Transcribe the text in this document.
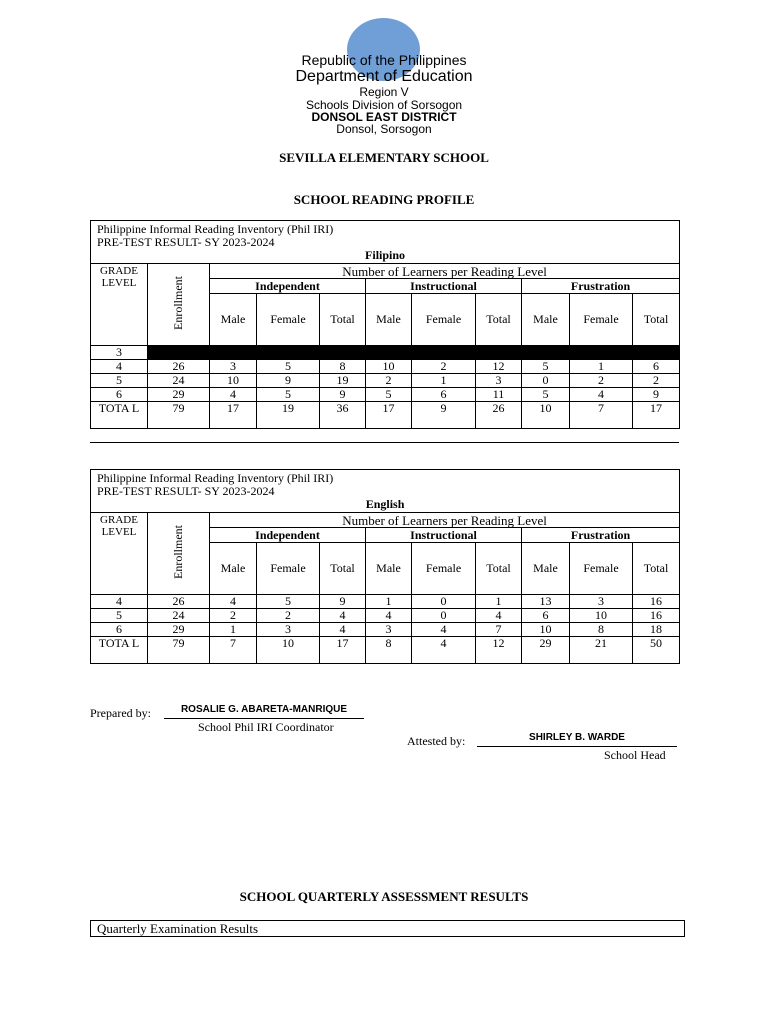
Republic of the Philippines
Department of Education
Region V
Schools Division of Sorsogon
DONSOL EAST DISTRICT
Donsol, Sorsogon
SEVILLA ELEMENTARY SCHOOL
SCHOOL READING PROFILE
Philippine Informal Reading Inventory (Phil IRI)
PRE-TEST RESULT- SY 2023-2024
Filipino										

GRADE LEVEL	Enrollment	Number of Learners per Reading Level								
		Independent			Instructional			Frustration		
		Male	Female	Total	Male	Female	Total	Male	Female	Total
3										
4	26	3	5	8	10	2	12	5	1	6
5	24	10	9	19	2	1	3	0	2	2
6	29	4	5	9	5	6	11	5	4	9
TOTA L	79	17	19	36	17	9	26	10	7	17
Philippine Informal Reading Inventory (Phil IRI)
PRE-TEST RESULT- SY 2023-2024
English										

GRADE LEVEL	Enrollment	Number of Learners per Reading Level								
		Independent			Instructional			Frustration		
		Male	Female	Total	Male	Female	Total	Male	Female	Total
4	26	4	5	9	1	0	1	13	3	16
5	24	2	2	4	4	0	4	6	10	16
6	29	1	3	4	3	4	7	10	8	18
TOTA L	79	7	10	17	8	4	12	29	21	50
Prepared by:	ROSALIE G. ABARETA-MANRIQUE
School Phil IRI Coordinator
Attested by:	SHIRLEY B. WARDE
School Head
SCHOOL QUARTERLY ASSESSMENT RESULTS
Quarterly Examination Results
